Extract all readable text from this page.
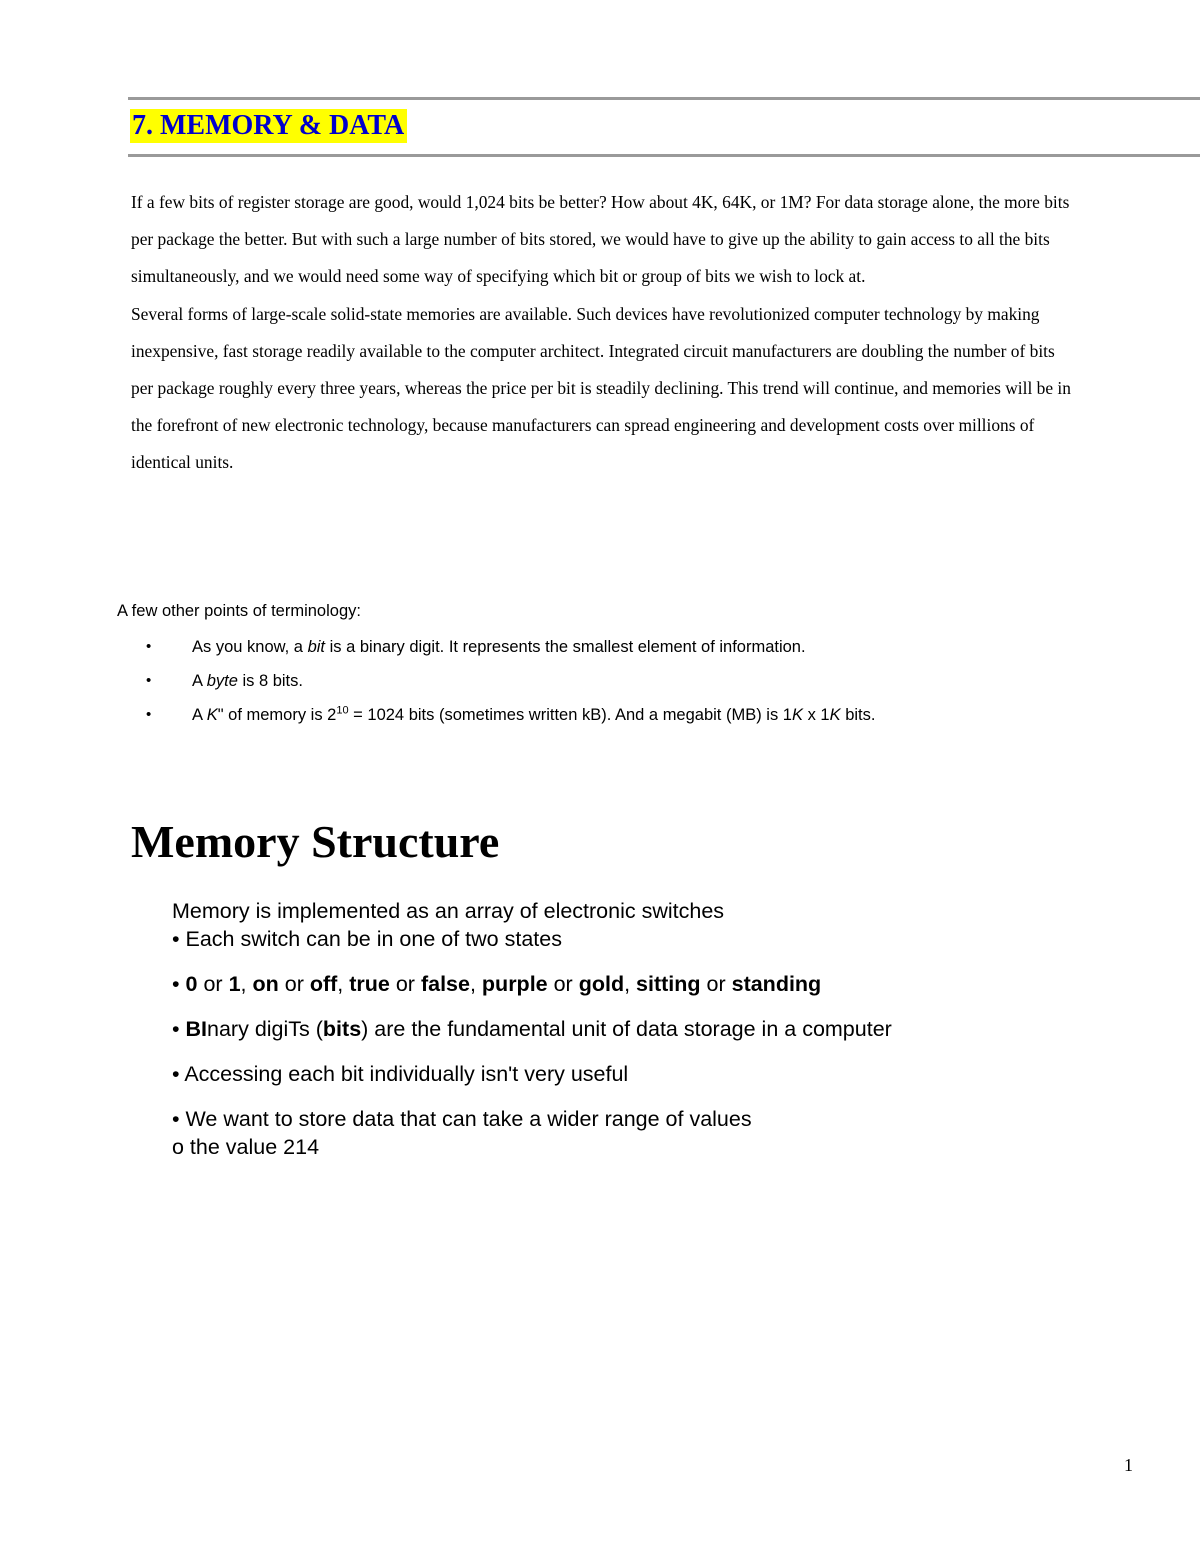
7. MEMORY & DATA

If a few bits of register storage are good, would 1,024 bits be better? How about 4K, 64K, or 1M? For data storage alone, the more bits per package the better. But with such a large number of bits stored, we would have to give up the ability to gain access to all the bits simultaneously, and we would need some way of specifying which bit or group of bits we wish to lock at.

Several forms of large-scale solid-state memories are available. Such devices have revolutionized computer technology by making inexpensive, fast storage readily available to the computer architect. Integrated circuit manufacturers are doubling the number of bits per package roughly every three years, whereas the price per bit is steadily declining. This trend will continue, and memories will be in the forefront of new electronic technology, because manufacturers can spread engineering and development costs over millions of identical units.

A few other points of terminology:

• As you know, a bit is a binary digit. It represents the smallest element of information.
• A byte is 8 bits.
• A K" of memory is $2^{10} = 1024$ bits (sometimes written kB). And a megabit (MB) is 1K x 1K bits.
Memory Structure

Memory is implemented as an array of electronic switches

• Each switch can be in one of two states

• 0 or 1, on or off, true or false, purple or gold, sitting or standing

• BInary digiTs (bits) are the fundamental unit of data storage in a computer

• Accessing each bit individually isn't very useful

• We want to store data that can take a wider range of values

o the value 214

1
